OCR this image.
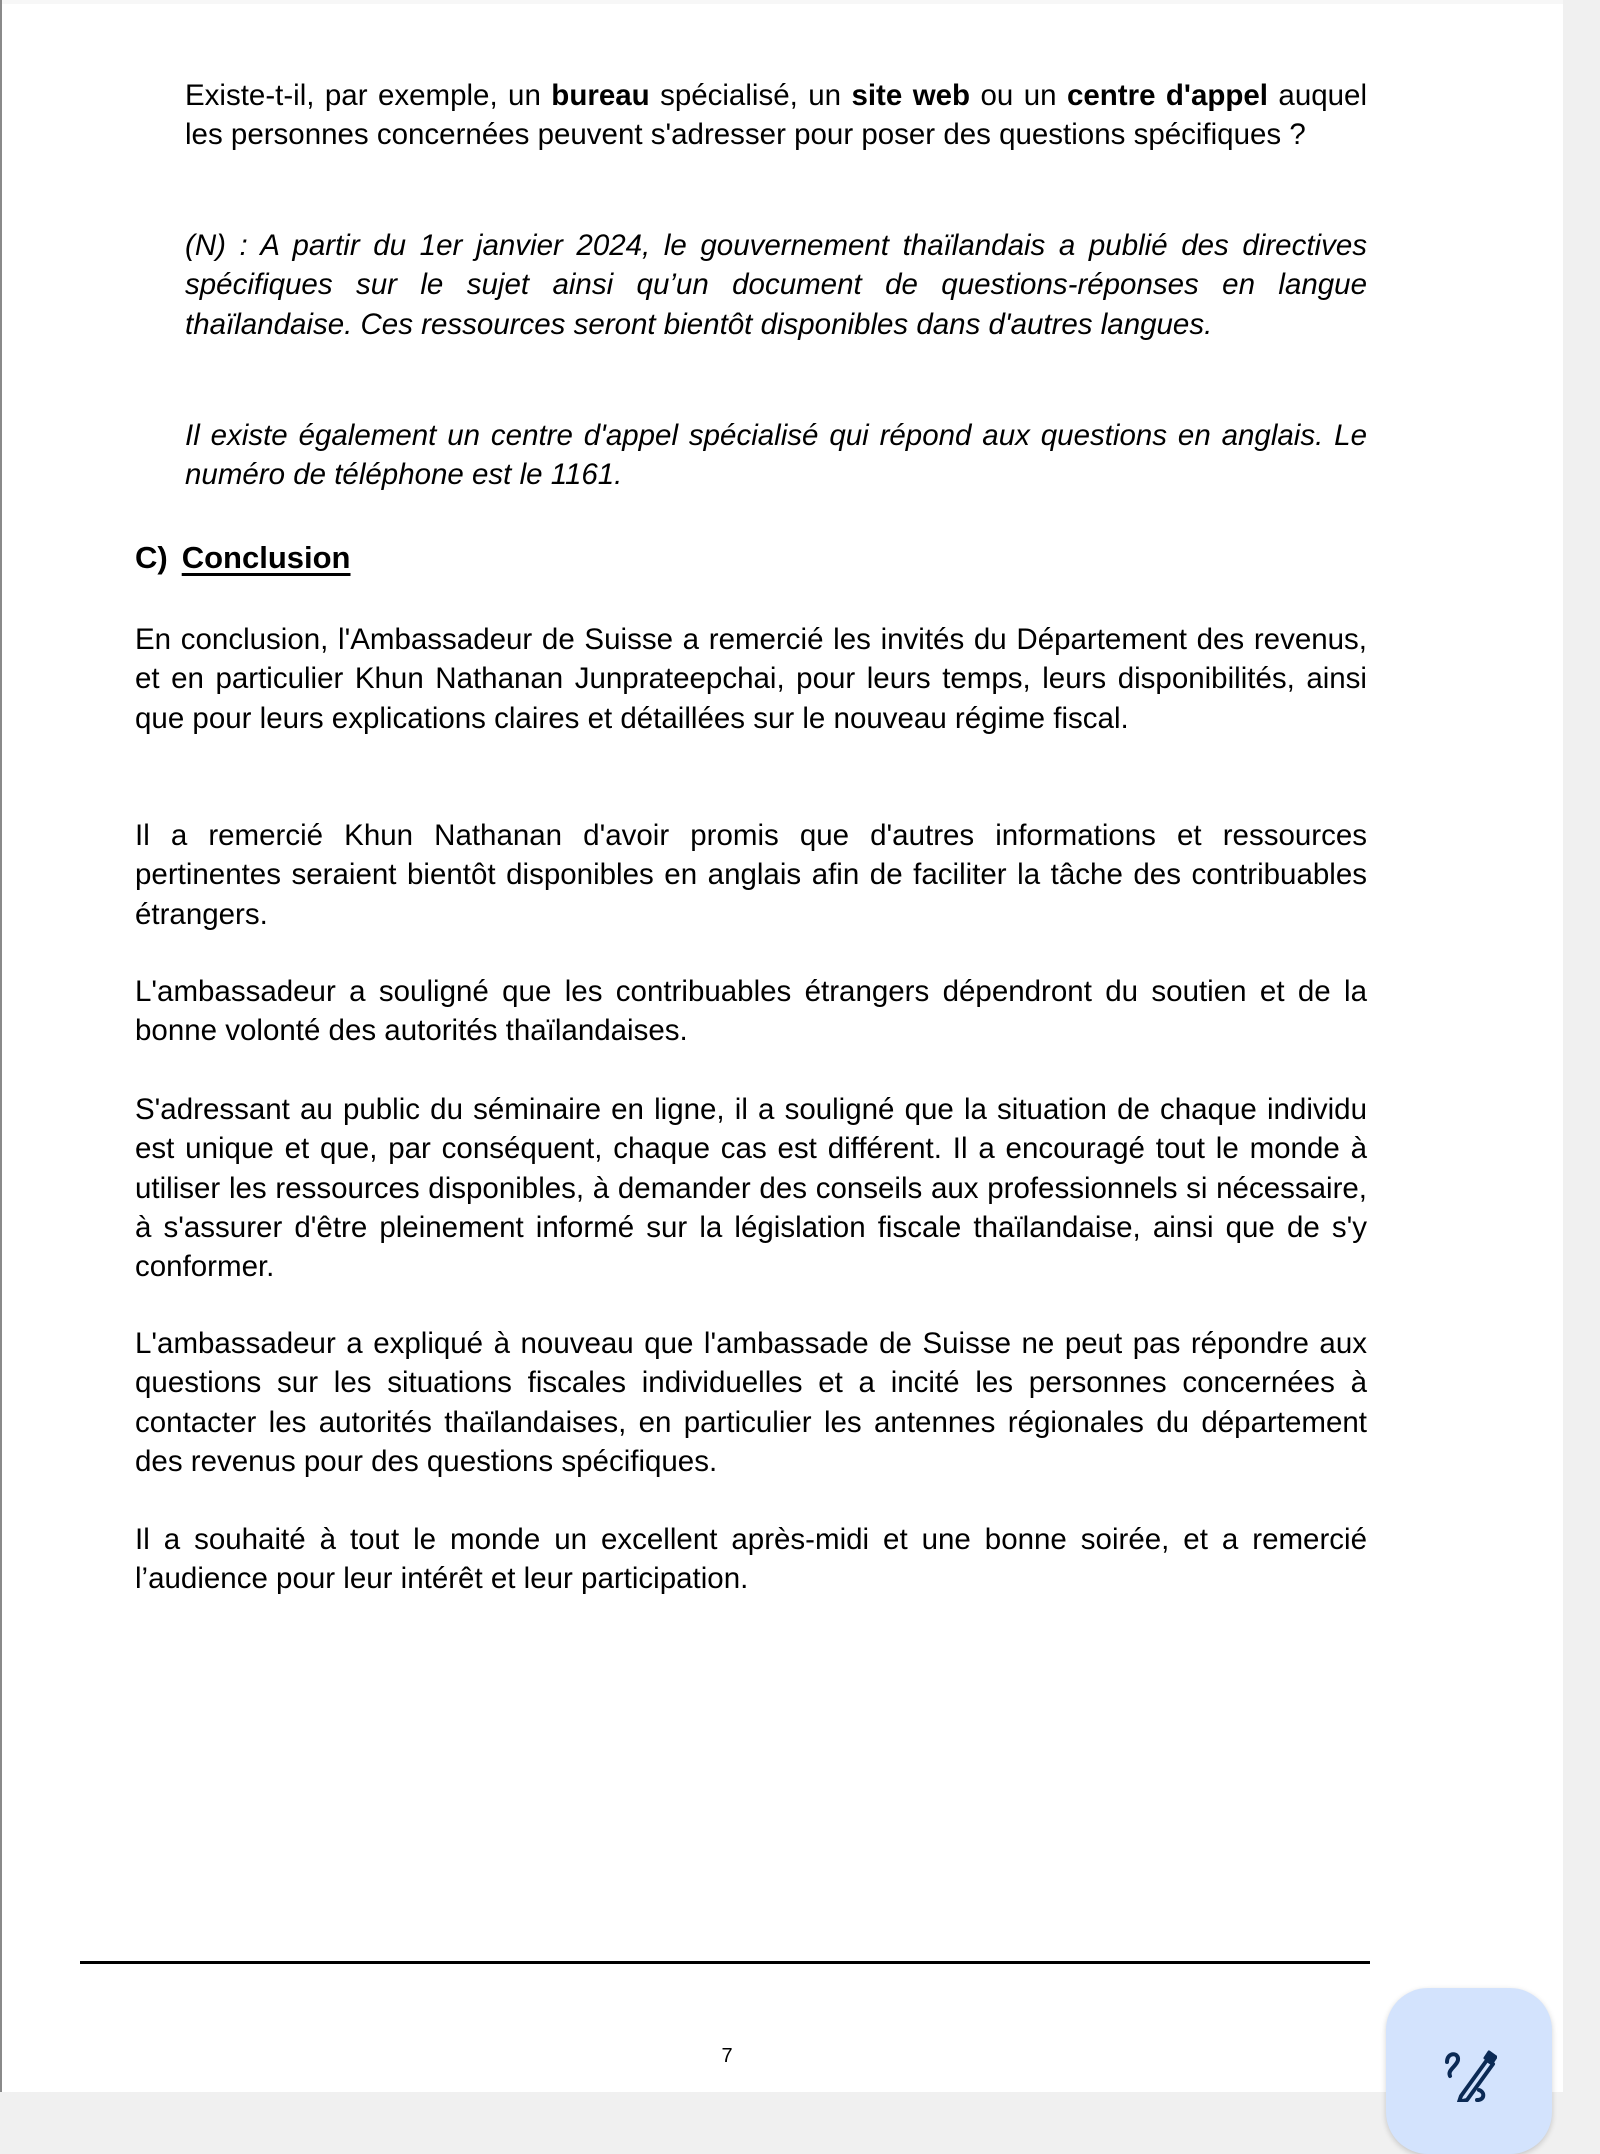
Existe-t-il, par exemple, un bureau spécialisé, un site web ou un centre d'appel auquel les personnes concernées peuvent s'adresser pour poser des questions spécifiques ?

(N) : A partir du 1er janvier 2024, le gouvernement thaïlandais a publié des directives spécifiques sur le sujet ainsi qu’un document de questions-réponses en langue thaïlandaise. Ces ressources seront bientôt disponibles dans d'autres langues.

Il existe également un centre d'appel spécialisé qui répond aux questions en anglais. Le numéro de téléphone est le 1161.

C) Conclusion

En conclusion, l'Ambassadeur de Suisse a remercié les invités du Département des revenus, et en particulier Khun Nathanan Junprateepchai, pour leurs temps, leurs disponibilités, ainsi que pour leurs explications claires et détaillées sur le nouveau régime fiscal.

Il a remercié Khun Nathanan d'avoir promis que d'autres informations et ressources pertinentes seraient bientôt disponibles en anglais afin de faciliter la tâche des contribuables étrangers.

L'ambassadeur a souligné que les contribuables étrangers dépendront du soutien et de la bonne volonté des autorités thaïlandaises.

S'adressant au public du séminaire en ligne, il a souligné que la situation de chaque individu est unique et que, par conséquent, chaque cas est différent. Il a encouragé tout le monde à utiliser les ressources disponibles, à demander des conseils aux professionnels si nécessaire, à s'assurer d'être pleinement informé sur la législation fiscale thaïlandaise, ainsi que de s'y conformer.

L'ambassadeur a expliqué à nouveau que l'ambassade de Suisse ne peut pas répondre aux questions sur les situations fiscales individuelles et a incité les personnes concernées à contacter les autorités thaïlandaises, en particulier les antennes régionales du département des revenus pour des questions spécifiques.

Il a souhaité à tout le monde un excellent après-midi et une bonne soirée, et a remercié l’audience pour leur intérêt et leur participation.

7
